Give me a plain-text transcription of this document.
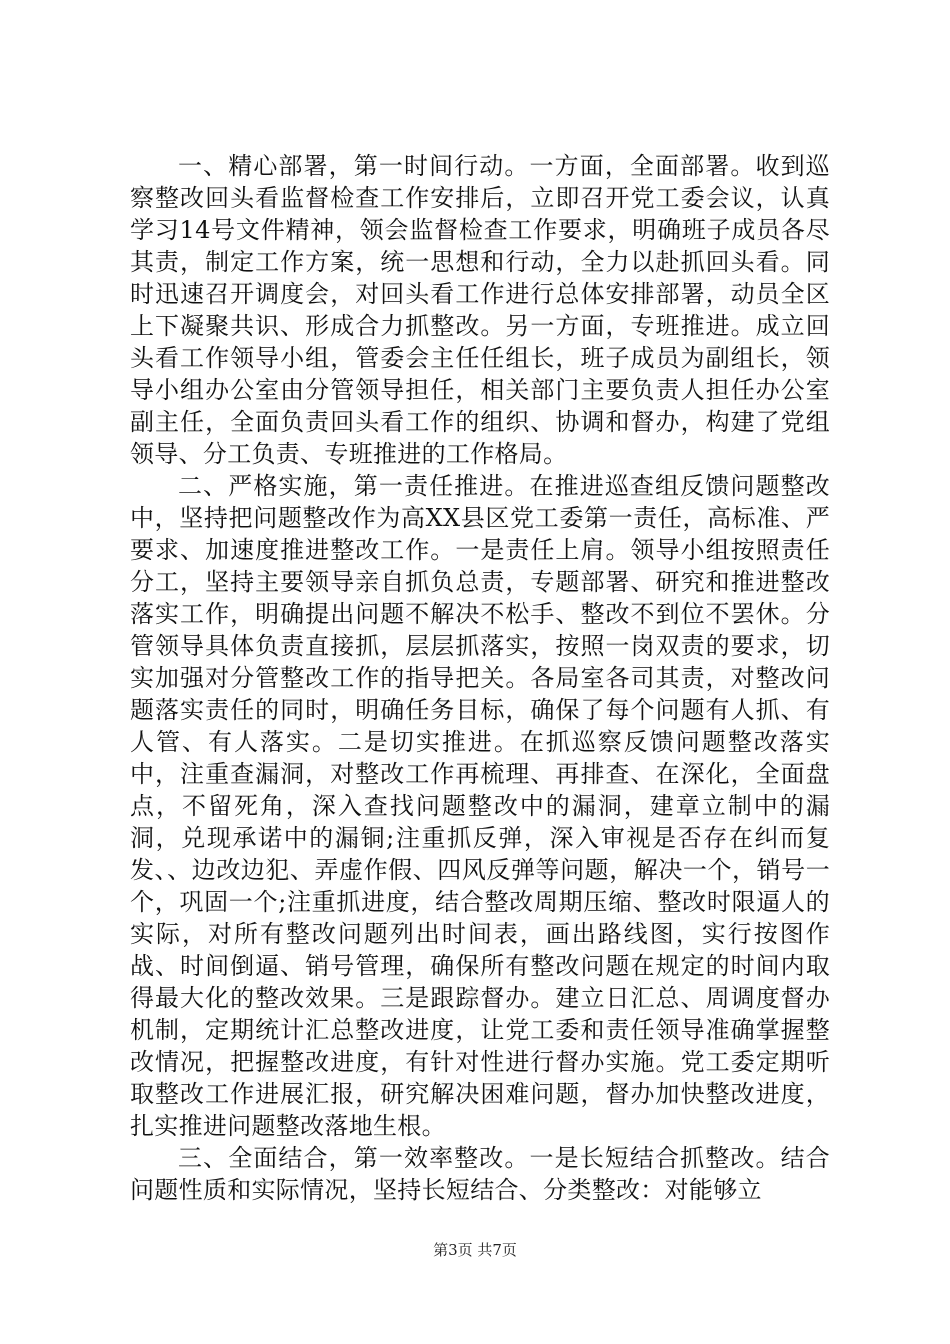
一、精心部署，第一时间行动。一方面，全面部署。收到巡察整改回头看监督检查工作安排后，立即召开党工委会议，认真学习14号文件精神，领会监督检查工作要求，明确班子成员各尽其责，制定工作方案，统一思想和行动，全力以赴抓回头看。同时迅速召开调度会，对回头看工作进行总体安排部署，动员全区上下凝聚共识、形成合力抓整改。另一方面，专班推进。成立回头看工作领导小组，管委会主任任组长，班子成员为副组长，领导小组办公室由分管领导担任，相关部门主要负责人担任办公室副主任，全面负责回头看工作的组织、协调和督办，构建了党组领导、分工负责、专班推进的工作格局。

二、严格实施，第一责任推进。在推进巡查组反馈问题整改中，坚持把问题整改作为高XX县区党工委第一责任，高标准、严要求、加速度推进整改工作。一是责任上肩。领导小组按照责任分工，坚持主要领导亲自抓负总责，专题部署、研究和推进整改落实工作，明确提出问题不解决不松手、整改不到位不罢休。分管领导具体负责直接抓，层层抓落实，按照一岗双责的要求，切实加强对分管整改工作的指导把关。各局室各司其责，对整改问题落实责任的同时，明确任务目标，确保了每个问题有人抓、有人管、有人落实。二是切实推进。在抓巡察反馈问题整改落实中，注重查漏洞，对整改工作再梳理、再排查、在深化，全面盘点，不留死角，深入查找问题整改中的漏洞，建章立制中的漏洞，兑现承诺中的漏铜;注重抓反弹，深入审视是否存在纠而复发、、边改边犯、弄虚作假、四风反弹等问题，解决一个，销号一个，巩固一个;注重抓进度，结合整改周期压缩、整改时限逼人的实际，对所有整改问题列出时间表，画出路线图，实行按图作战、时间倒逼、销号管理，确保所有整改问题在规定的时间内取得最大化的整改效果。三是跟踪督办。建立日汇总、周调度督办机制，定期统计汇总整改进度，让党工委和责任领导准确掌握整改情况，把握整改进度，有针对性进行督办实施。党工委定期听取整改工作进展汇报，研究解决困难问题，督办加快整改进度，扎实推进问题整改落地生根。

三、全面结合，第一效率整改。一是长短结合抓整改。结合问题性质和实际情况，坚持长短结合、分类整改：对能够立

第3页 共7页
